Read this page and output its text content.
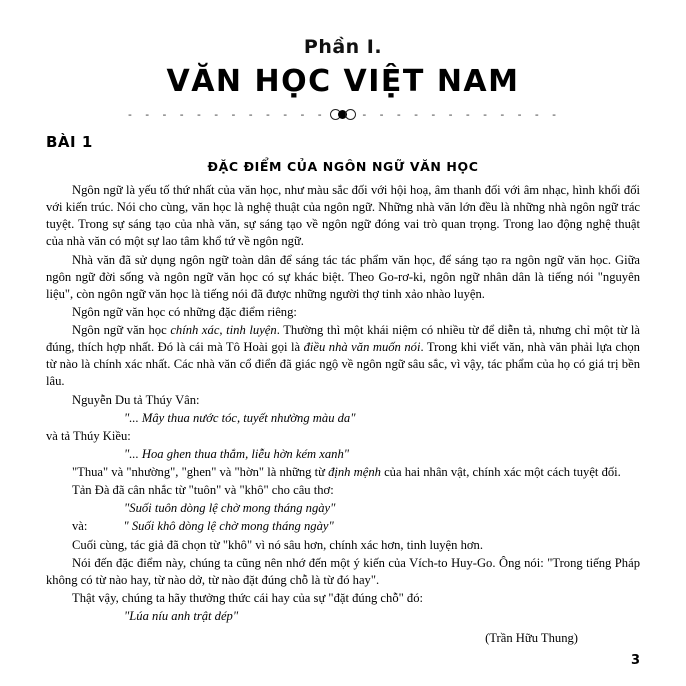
Phần I.
VĂN HỌC VIỆT NAM
- - - - - - - - - - - -	- - - - - - - - - - - -
BÀI 1
ĐẶC ĐIỂM CỦA NGÔN NGỮ VĂN HỌC

Ngôn ngữ là yếu tố thứ nhất của văn học, như màu sắc đối với hội hoạ, âm thanh đối với âm nhạc, hình khối đối với kiến trúc. Nói cho cùng, văn học là nghệ thuật của ngôn ngữ. Những nhà văn lớn đều là những nhà ngôn ngữ trác tuyệt. Trong sự sáng tạo của nhà văn, sự sáng tạo về ngôn ngữ đóng vai trò quan trọng. Trong lao động nghệ thuật của nhà văn có một sự lao tâm khổ tứ về ngôn ngữ.

Nhà văn đã sử dụng ngôn ngữ toàn dân để sáng tác tác phẩm văn học, để sáng tạo ra ngôn ngữ văn học. Giữa ngôn ngữ đời sống và ngôn ngữ văn học có sự khác biệt. Theo Go-rơ-ki, ngôn ngữ nhân dân là tiếng nói "nguyên liệu", còn ngôn ngữ văn học là tiếng nói đã được những người thợ tinh xảo nhào luyện.

Ngôn ngữ văn học có những đặc điểm riêng:

Ngôn ngữ văn học chính xác, tinh luyện. Thường thì một khái niệm có nhiều từ để diễn tả, nhưng chỉ một từ là đúng, thích hợp nhất. Đó là cái mà Tô Hoài gọi là điều nhà văn muốn nói. Trong khi viết văn, nhà văn phải lựa chọn từ nào là chính xác nhất. Các nhà văn cổ điển đã giác ngộ về ngôn ngữ sâu sắc, vì vậy, tác phẩm của họ có giá trị bền lâu.

Nguyễn Du tả Thúy Vân:

"... Mây thua nước tóc, tuyết nhường màu da"

và tả Thúy Kiều:

"... Hoa ghen thua thắm, liễu hờn kém xanh"

"Thua" và "nhường", "ghen" và "hờn" là những từ định mệnh của hai nhân vật, chính xác một cách tuyệt đối.

Tản Đà đã cân nhắc từ "tuôn" và "khô" cho câu thơ:

"Suối tuôn dòng lệ chờ mong tháng ngày"

và:	" Suối khô dòng lệ chờ mong tháng ngày"

Cuối cùng, tác giả đã chọn từ "khô" vì nó sâu hơn, chính xác hơn, tinh luyện hơn.

Nói đến đặc điểm này, chúng ta cũng nên nhớ đến một ý kiến của Vích-to Huy-Go. Ông nói: "Trong tiếng Pháp không có từ nào hay, từ nào dở, từ nào đặt đúng chỗ là từ đó hay".

Thật vậy, chúng ta hãy thưởng thức cái hay của sự "đặt đúng chỗ" đó:

"Lúa níu anh trật dép"

(Trần Hữu Thung)
3
